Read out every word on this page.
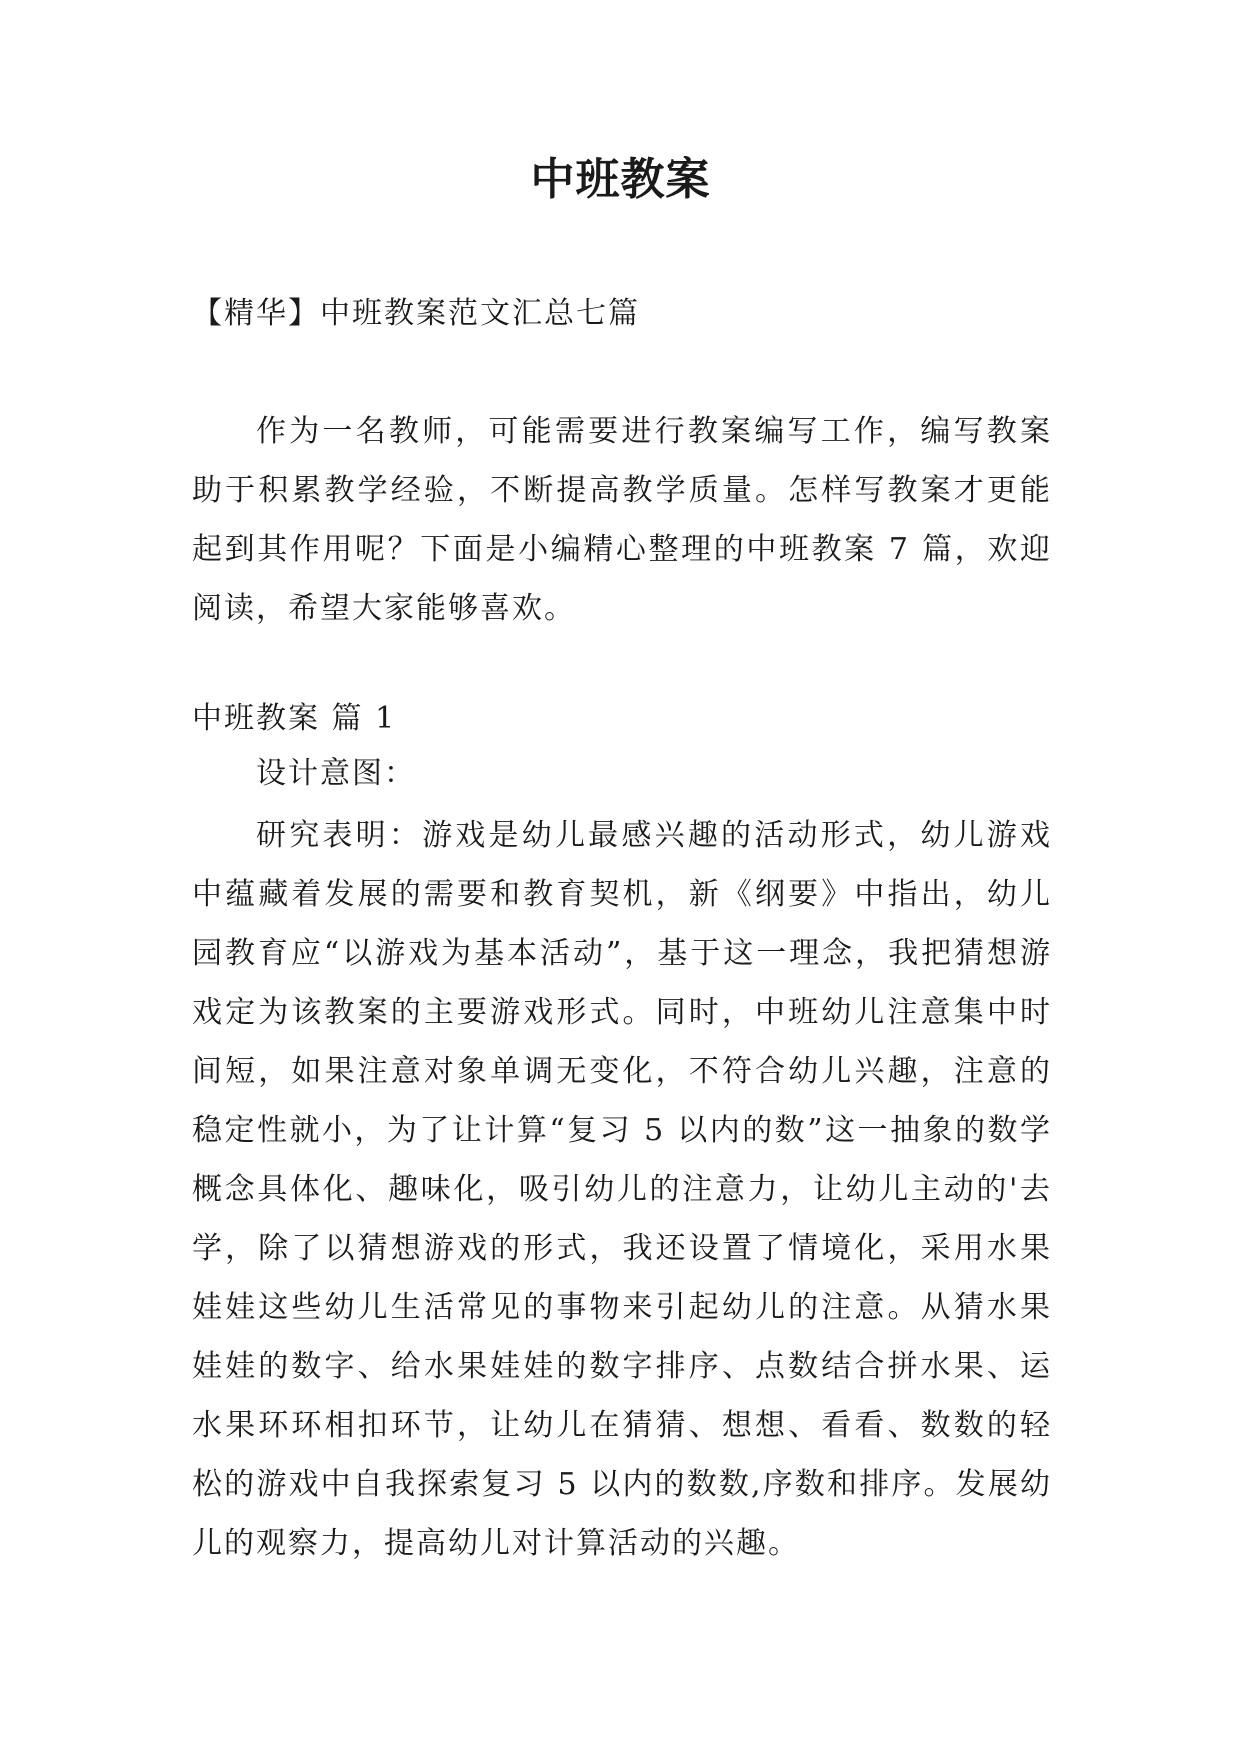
中班教案

【精华】中班教案范文汇总七篇

作为一名教师，可能需要进行教案编写工作，编写教案助于积累教学经验，不断提高教学质量。怎样写教案才更能起到其作用呢？下面是小编精心整理的中班教案 7 篇，欢迎阅读，希望大家能够喜欢。

中班教案 篇 1

设计意图：

研究表明：游戏是幼儿最感兴趣的活动形式，幼儿游戏中蕴藏着发展的需要和教育契机，新《纲要》中指出，幼儿园教育应“以游戏为基本活动”，基于这一理念，我把猜想游戏定为该教案的主要游戏形式。同时，中班幼儿注意集中时间短，如果注意对象单调无变化，不符合幼儿兴趣，注意的稳定性就小，为了让计算“复习 5 以内的数”这一抽象的数学概念具体化、趣味化，吸引幼儿的注意力，让幼儿主动的'去学，除了以猜想游戏的形式，我还设置了情境化，采用水果娃娃这些幼儿生活常见的事物来引起幼儿的注意。从猜水果娃娃的数字、给水果娃娃的数字排序、点数结合拼水果、运水果环环相扣环节，让幼儿在猜猜、想想、看看、数数的轻松的游戏中自我探索复习 5 以内的数数,序数和排序。发展幼儿的观察力，提高幼儿对计算活动的兴趣。
